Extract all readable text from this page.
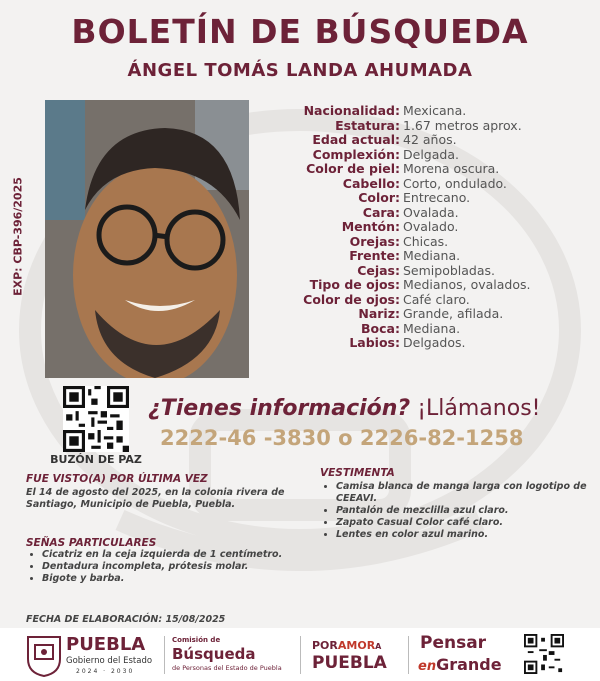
BOLETÍN DE BÚSQUEDA
ÁNGEL TOMÁS LANDA AHUMADA
EXP: CBP-396/2025
Nacionalidad: Mexicana.
Estatura: 1.67 metros aprox.
Edad actual: 42 años.
Complexión: Delgada.
Color de piel: Morena oscura.
Cabello: Corto, ondulado.
Color: Entrecano.
Cara: Ovalada.
Mentón: Ovalado.
Orejas: Chicas.
Frente: Mediana.
Cejas: Semipobladas.
Tipo de ojos: Medianos, ovalados.
Color de ojos: Café claro.
Nariz: Grande, afilada.
Boca: Mediana.
Labios: Delgados.
BUZÓN DE PAZ
¿Tienes información? ¡Llámanos!
2222-46 -3830 o 2226-82-1258
FUE VISTO(A) POR ÚLTIMA VEZ
El 14 de agosto del 2025, en la colonia rivera de Santiago, Municipio de Puebla, Puebla.
SEÑAS PARTICULARES
• Cicatriz en la ceja izquierda de 1 centímetro.
• Dentadura incompleta, prótesis molar.
• Bigote y barba.
VESTIMENTA
• Camisa blanca de manga larga con logotipo de CEEAVI.
• Pantalón de mezclilla azul claro.
• Zapato Casual Color café claro.
• Lentes en color azul marino.
FECHA DE ELABORACIÓN: 15/08/2025
PUEBLA
Gobierno del Estado
2024 · 2030
Comisión de
Búsqueda
de Personas del Estado de Puebla
PORAMORA
PUEBLA
Pensar
enGrande
